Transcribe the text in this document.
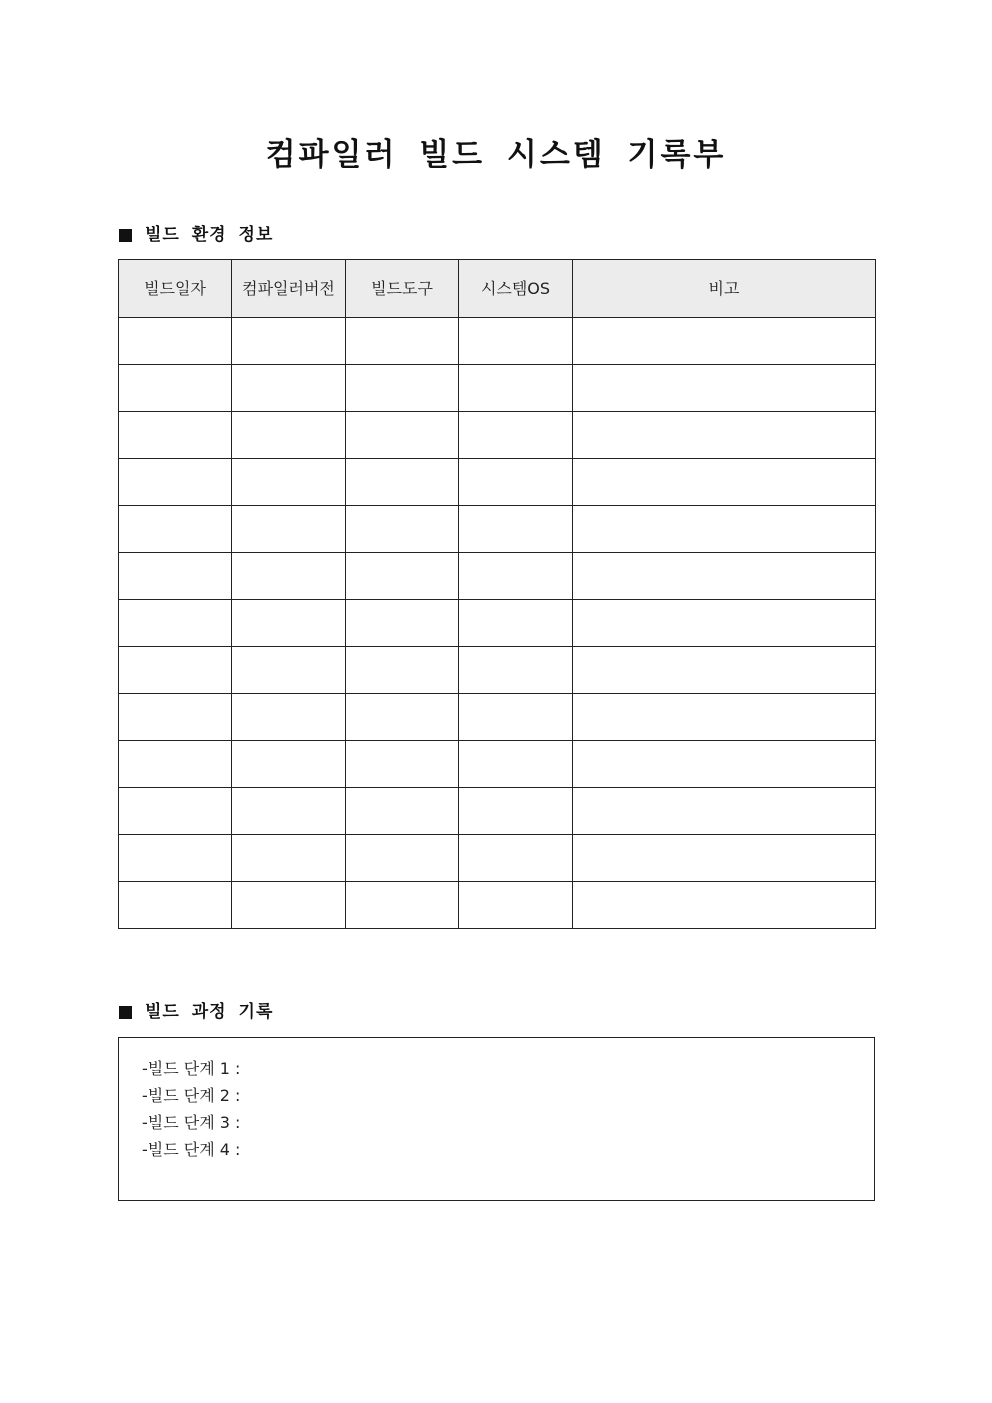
컴파일러 빌드 시스템 기록부
빌드 환경 정보
빌드일자	컴파일러버전	빌드도구	시스템OS	비고

빌드 과정 기록
-빌드 단계 1 :
-빌드 단계 2 :
-빌드 단계 3 :
-빌드 단계 4 :
